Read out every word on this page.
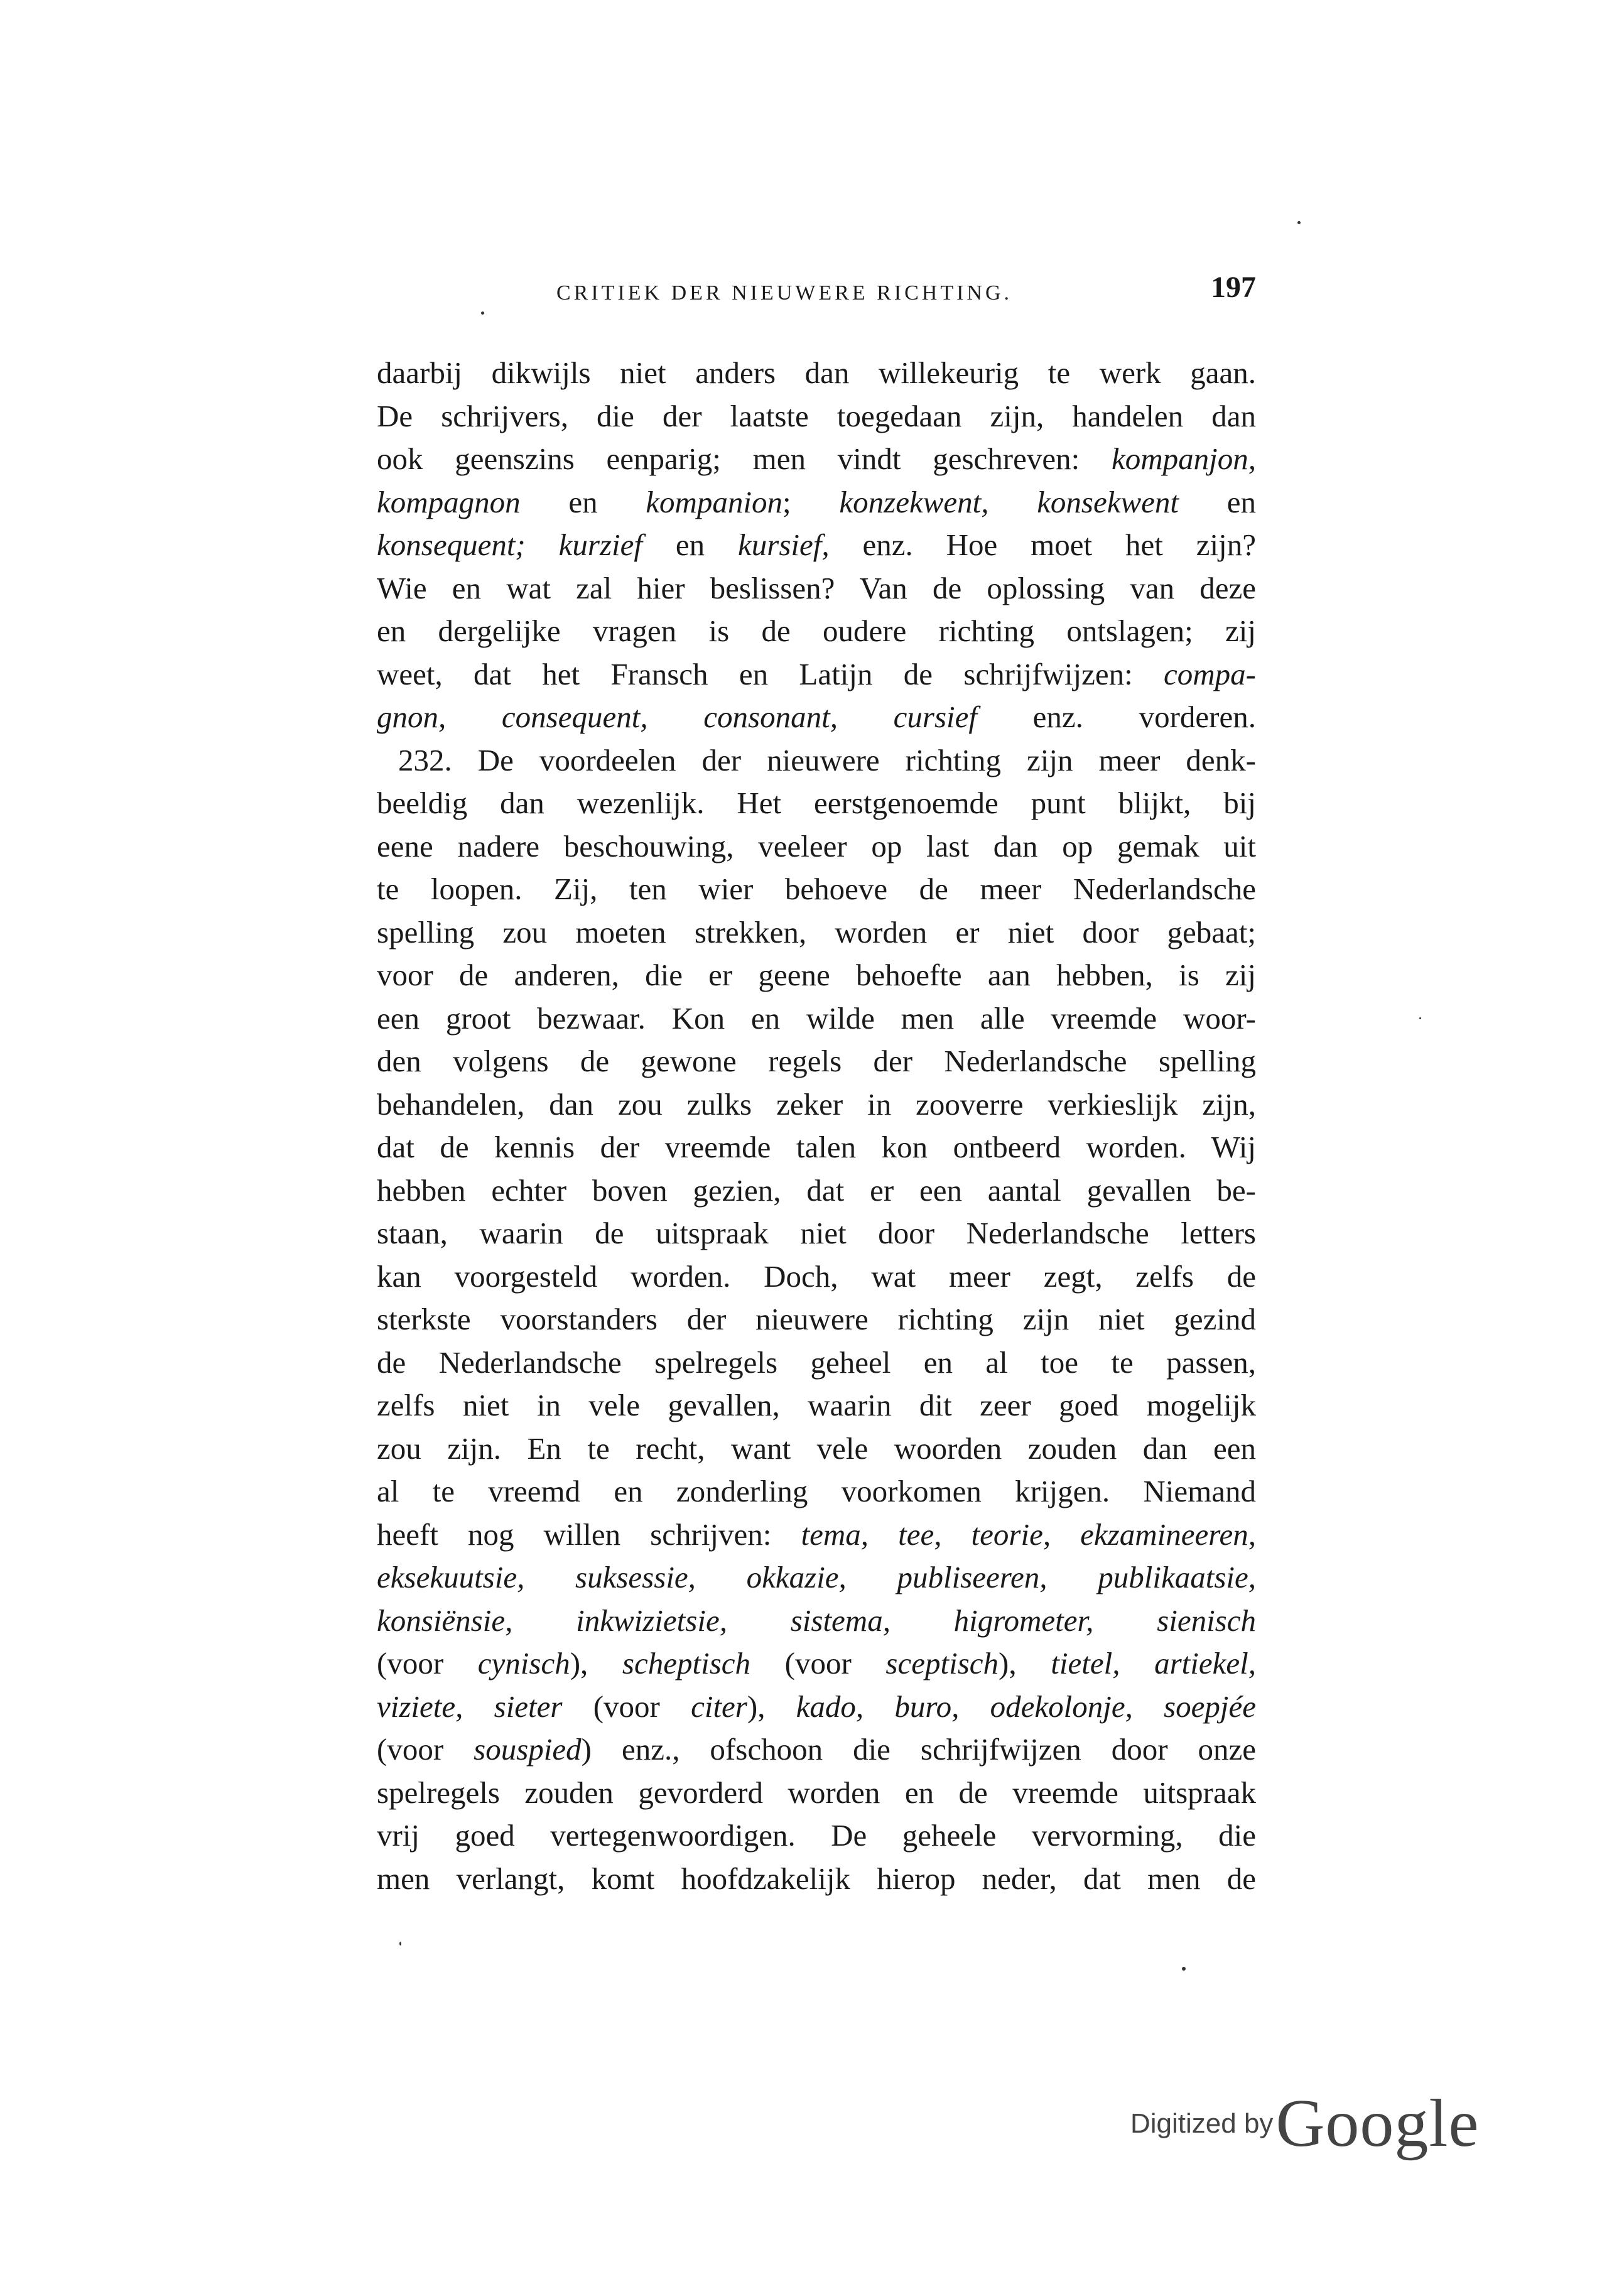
CRITIEK DER NIEUWERE RICHTING.	197
daarbij dikwijls niet anders dan willekeurig te werk gaan.
De schrijvers, die der laatste toegedaan zijn, handelen dan
ook geenszins eenparig; men vindt geschreven: kompanjon,
kompagnon en kompanion; konzekwent, konsekwent en
konsequent; kurzief en kursief, enz. Hoe moet het zijn?
Wie en wat zal hier beslissen? Van de oplossing van deze
en dergelijke vragen is de oudere richting ontslagen; zij
weet, dat het Fransch en Latijn de schrijfwijzen: compa-
gnon, consequent, consonant, cursief enz. vorderen.
232. De voordeelen der nieuwere richting zijn meer denk-
beeldig dan wezenlijk. Het eerstgenoemde punt blijkt, bij
eene nadere beschouwing, veeleer op last dan op gemak uit
te loopen. Zij, ten wier behoeve de meer Nederlandsche
spelling zou moeten strekken, worden er niet door gebaat;
voor de anderen, die er geene behoefte aan hebben, is zij
een groot bezwaar. Kon en wilde men alle vreemde woor-
den volgens de gewone regels der Nederlandsche spelling
behandelen, dan zou zulks zeker in zooverre verkieslijk zijn,
dat de kennis der vreemde talen kon ontbeerd worden. Wij
hebben echter boven gezien, dat er een aantal gevallen be-
staan, waarin de uitspraak niet door Nederlandsche letters
kan voorgesteld worden. Doch, wat meer zegt, zelfs de
sterkste voorstanders der nieuwere richting zijn niet gezind
de Nederlandsche spelregels geheel en al toe te passen,
zelfs niet in vele gevallen, waarin dit zeer goed mogelijk
zou zijn. En te recht, want vele woorden zouden dan een
al te vreemd en zonderling voorkomen krijgen. Niemand
heeft nog willen schrijven: tema, tee, teorie, ekzamineeren,
eksekuutsie, suksessie, okkazie, publiseeren, publikaatsie,
konsiënsie, inkwizietsie, sistema, higrometer, sienisch
(voor cynisch), scheptisch (voor sceptisch), tietel, artiekel,
viziete, sieter (voor citer), kado, buro, odekolonje, soepjée
(voor souspied) enz., ofschoon die schrijfwijzen door onze
spelregels zouden gevorderd worden en de vreemde uitspraak
vrij goed vertegenwoordigen. De geheele vervorming, die
men verlangt, komt hoofdzakelijk hierop neder, dat men de
Digitized by Google
